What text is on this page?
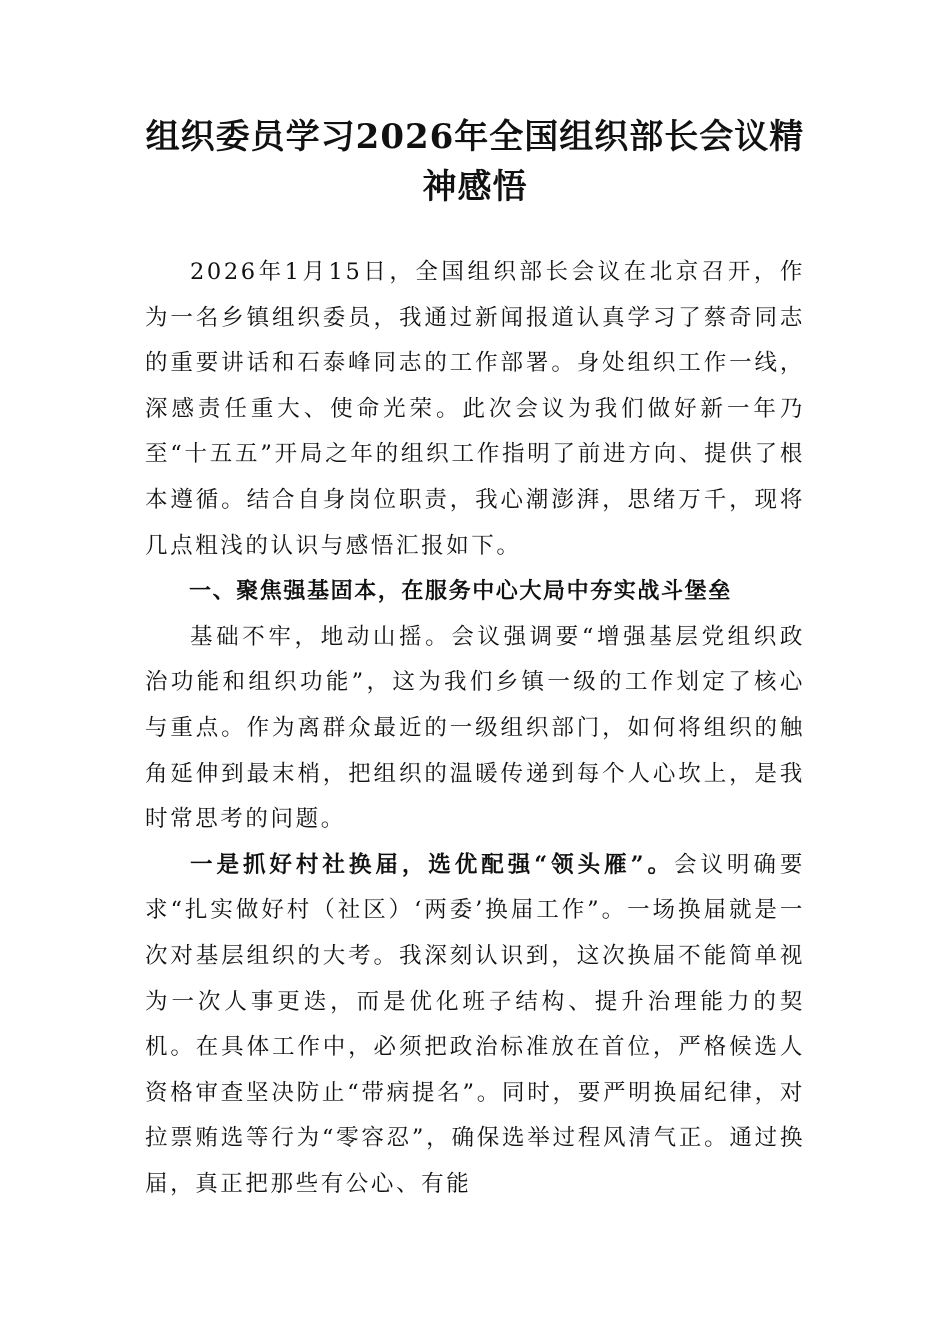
组织委员学习2026年全国组织部长会议精神感悟

2026年1月15日，全国组织部长会议在北京召开，作为一名乡镇组织委员，我通过新闻报道认真学习了蔡奇同志的重要讲话和石泰峰同志的工作部署。身处组织工作一线，深感责任重大、使命光荣。此次会议为我们做好新一年乃至“十五五”开局之年的组织工作指明了前进方向、提供了根本遵循。结合自身岗位职责，我心潮澎湃，思绪万千，现将几点粗浅的认识与感悟汇报如下。

一、聚焦强基固本，在服务中心大局中夯实战斗堡垒

基础不牢，地动山摇。会议强调要“增强基层党组织政治功能和组织功能”，这为我们乡镇一级的工作划定了核心与重点。作为离群众最近的一级组织部门，如何将组织的触角延伸到最末梢，把组织的温暖传递到每个人心坎上，是我时常思考的问题。

一是抓好村社换届，选优配强“领头雁”。会议明确要求“扎实做好村（社区）‘两委’换届工作”。一场换届就是一次对基层组织的大考。我深刻认识到，这次换届不能简单视为一次人事更迭，而是优化班子结构、提升治理能力的契机。在具体工作中，必须把政治标准放在首位，严格候选人资格审查坚决防止“带病提名”。同时，要严明换届纪律，对拉票贿选等行为“零容忍”，确保选举过程风清气正。通过换届，真正把那些有公心、有能
